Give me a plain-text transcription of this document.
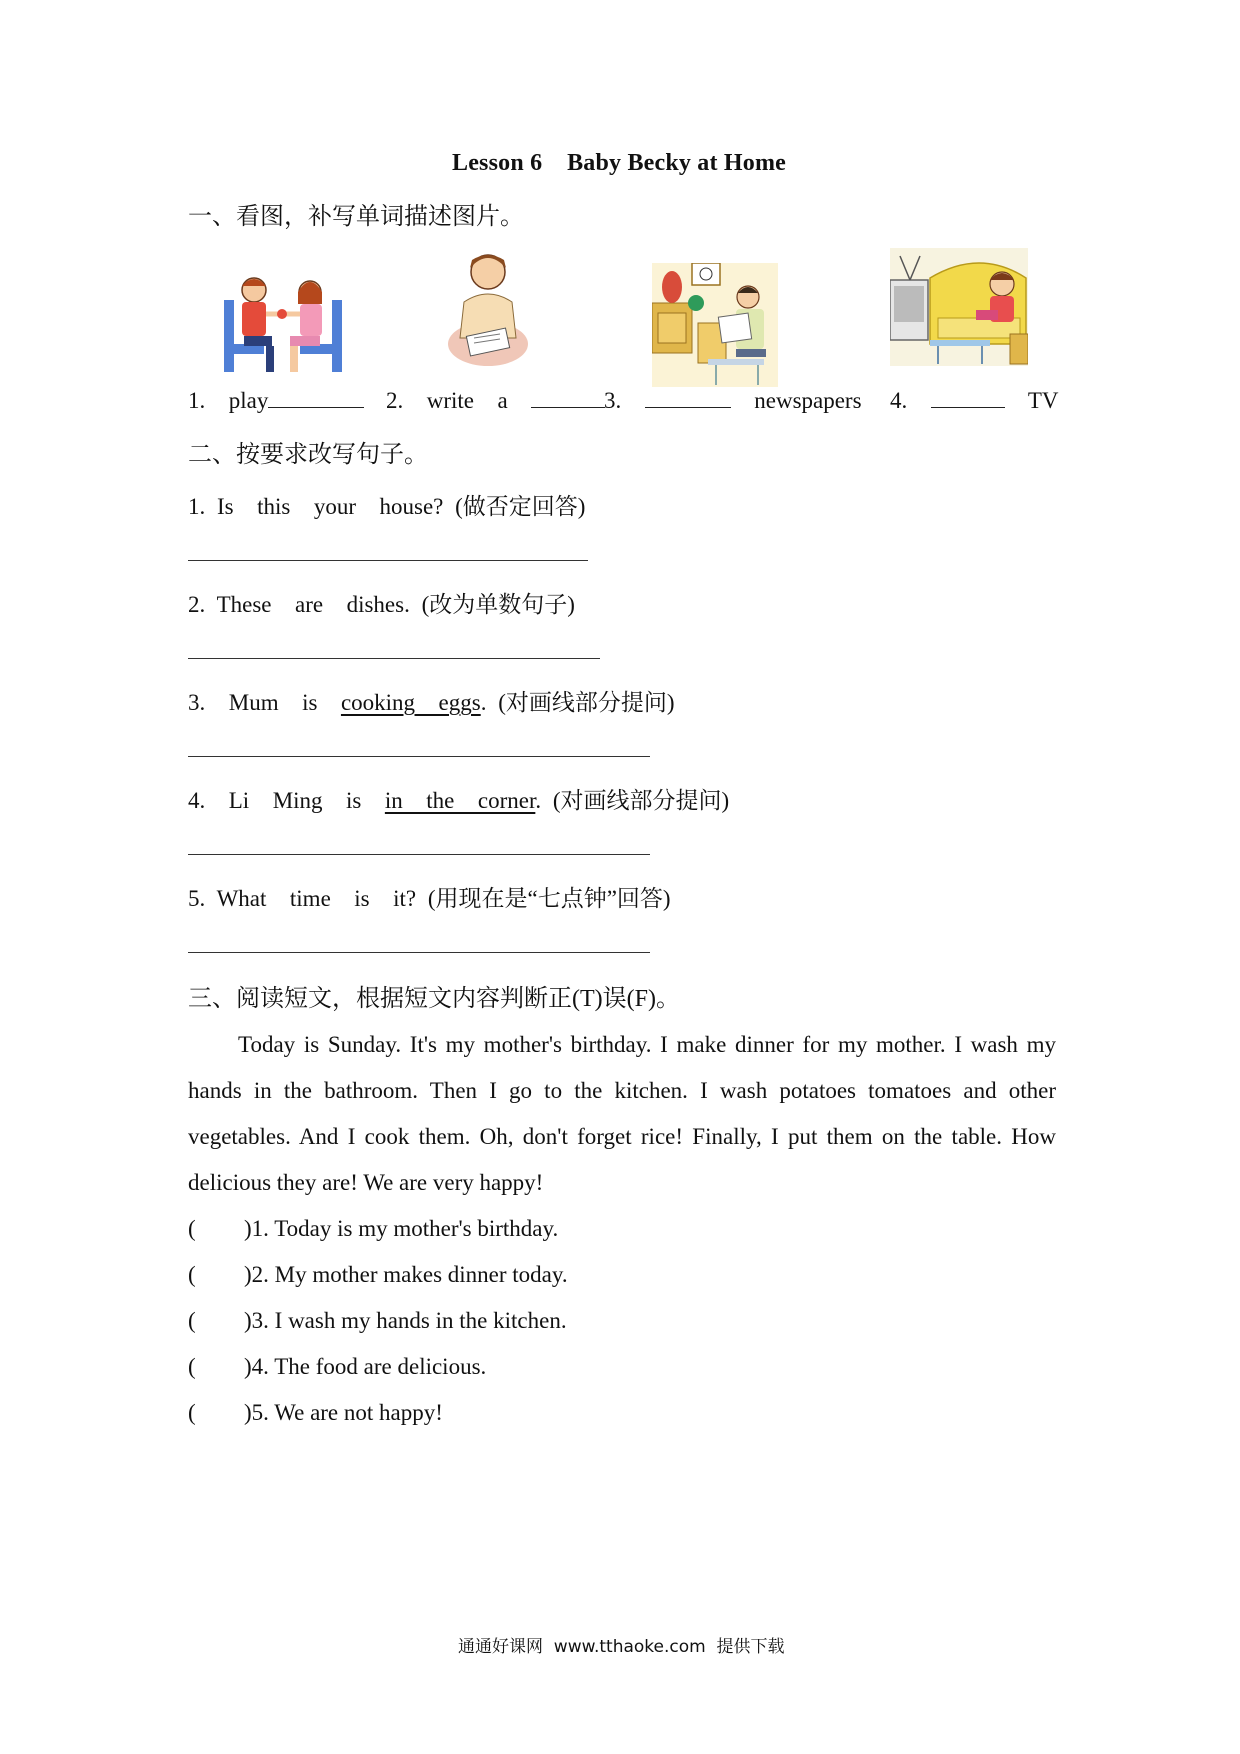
Lesson 6    Baby Becky at Home
一、看图，补写单词描述图片。
1.  play	2.  write  a	3.	newspapers 4.	TV
二、按要求改写句子。
1. Is  this  your  house? (做否定回答)
2. These  are  dishes. (改为单数句子)
3.  Mum  is  cooking  eggs. (对画线部分提问)
4.  Li  Ming  is  in  the  corner. (对画线部分提问)
5. What  time  is  it? (用现在是“七点钟”回答)
三、阅读短文，根据短文内容判断正(T)误(F)。
Today is Sunday. It's my mother's birthday. I make dinner for my mother. I wash my hands in the bathroom. Then I go to the kitchen. I wash potatoes tomatoes and other vegetables. And I cook them. Oh, don't forget rice! Finally, I put them on the table. How delicious they are! We are very happy!
( )1. Today is my mother's birthday.
( )2. My mother makes dinner today.
( )3. I wash my hands in the kitchen.
( )4. The food are delicious.
( )5. We are not happy!
通通好课网  www.tthaoke.com  提供下载
